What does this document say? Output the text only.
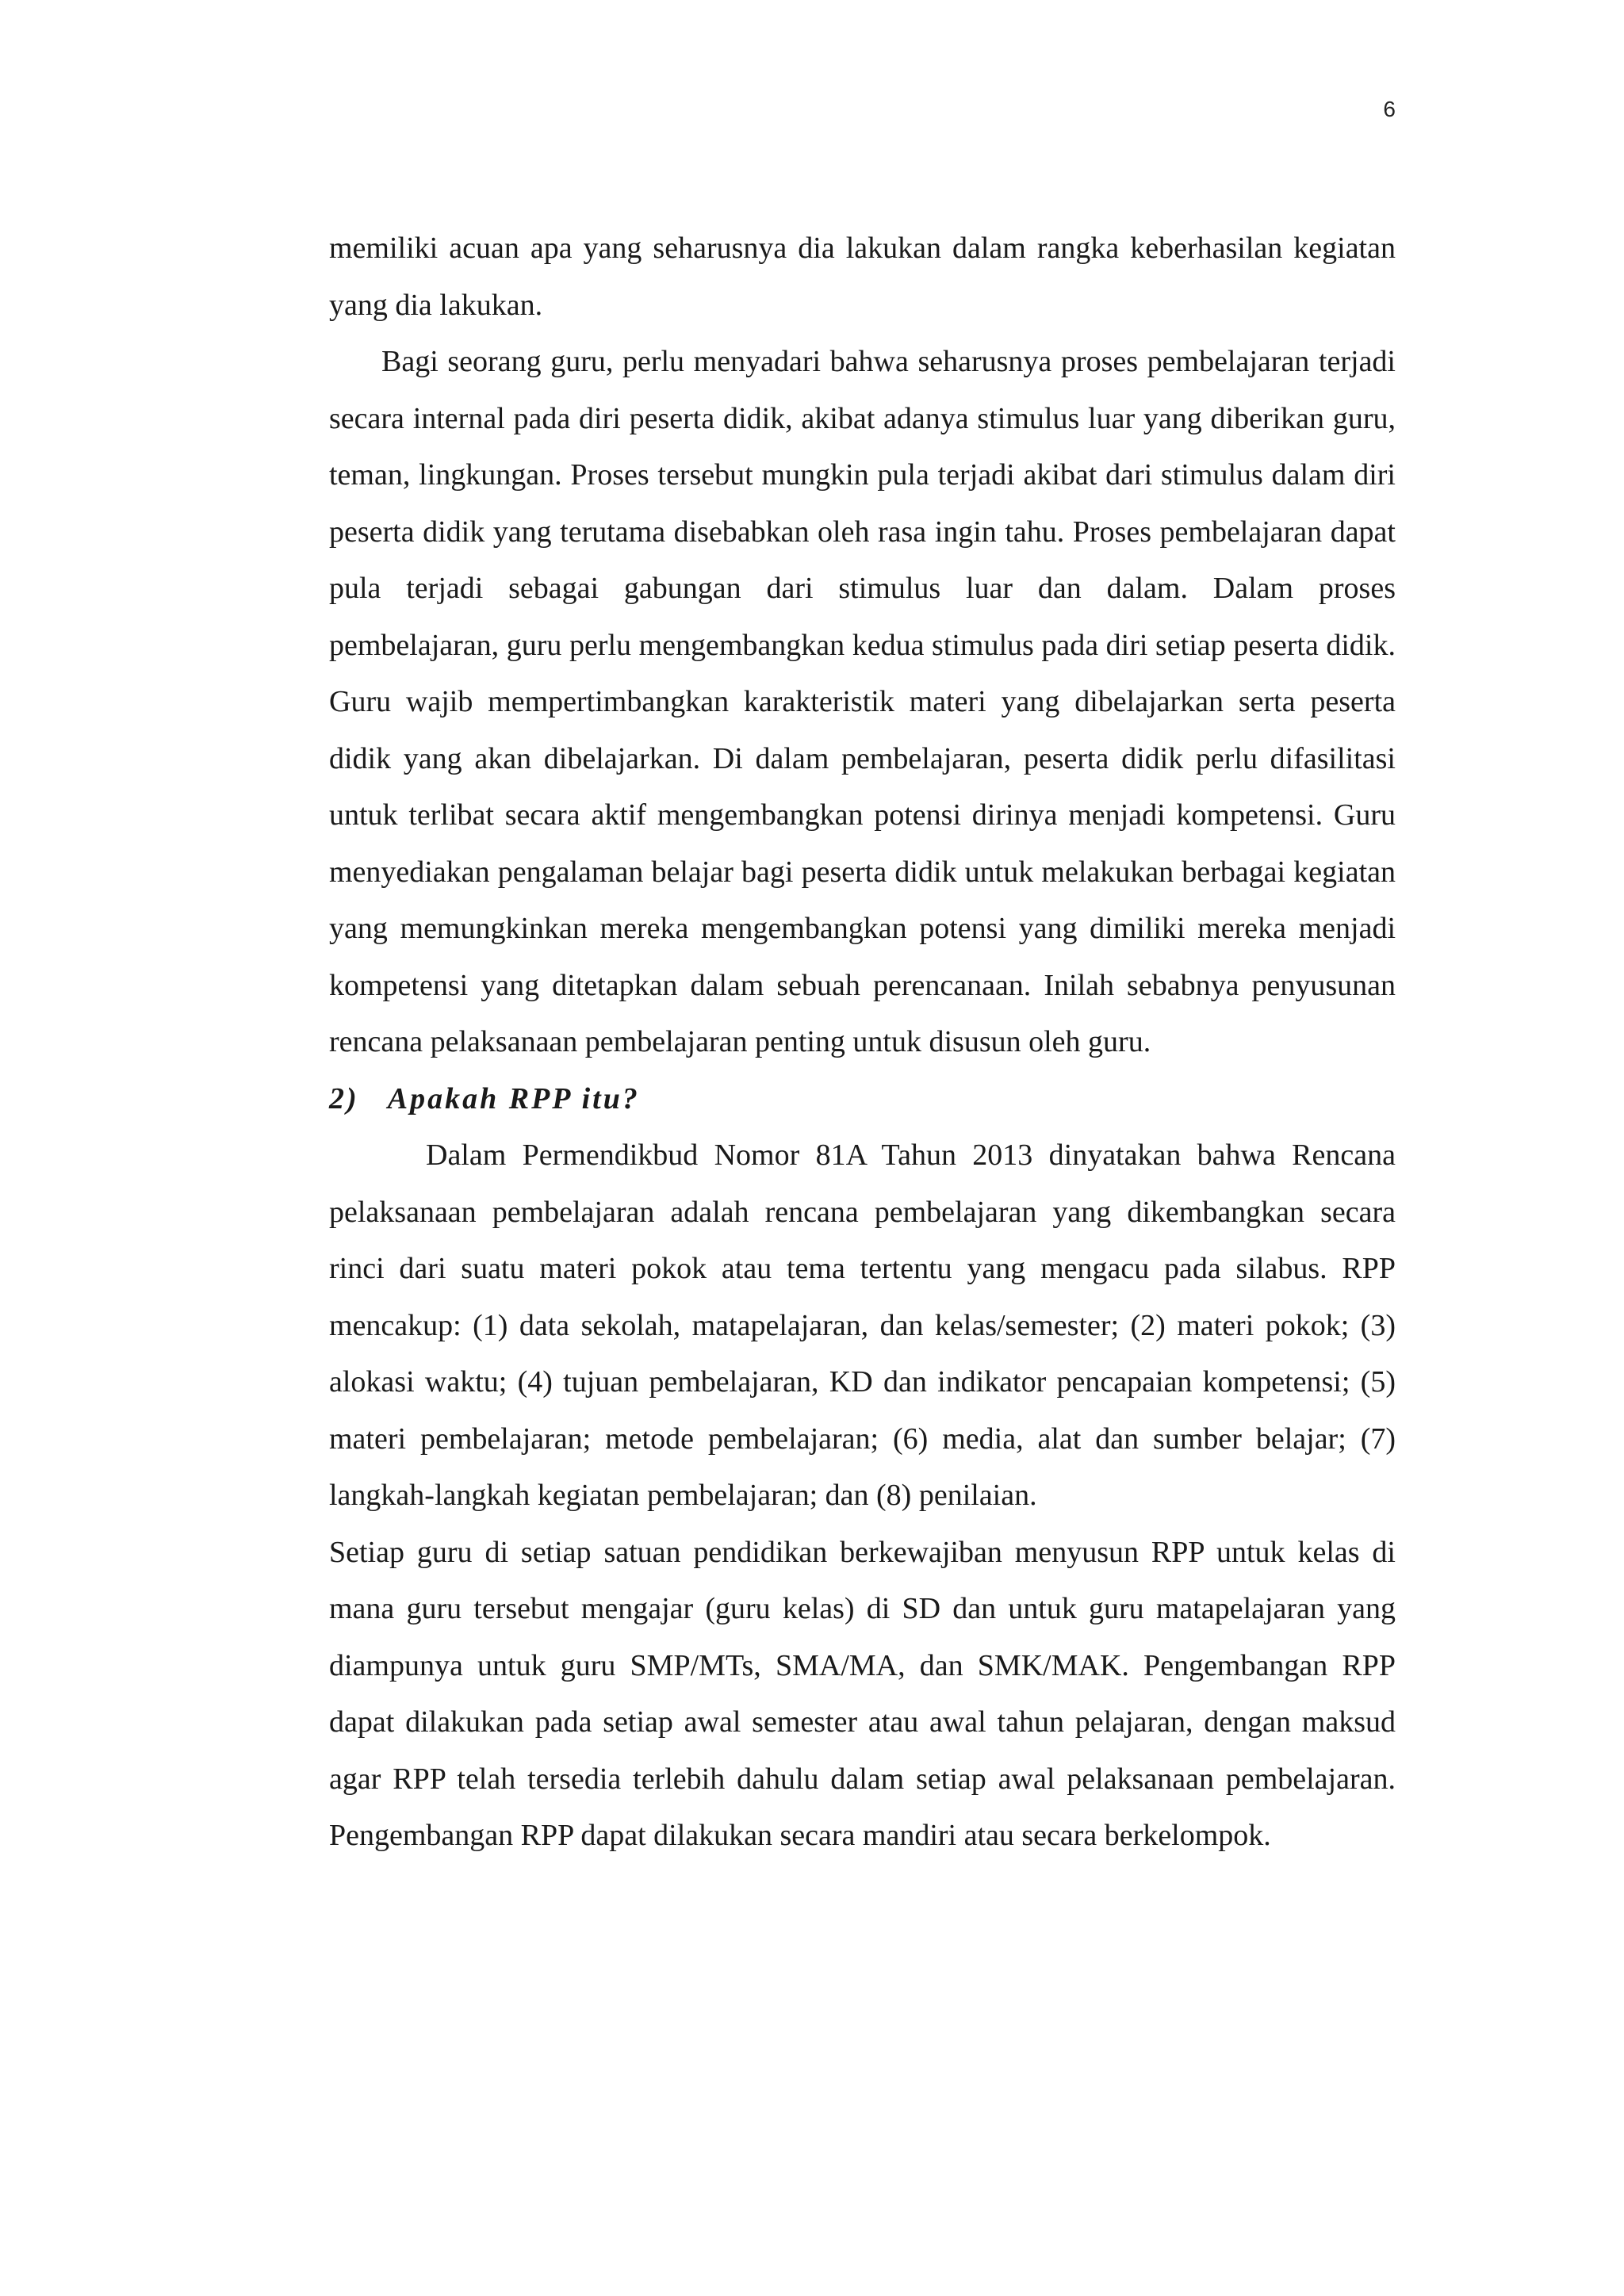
6

memiliki acuan apa yang seharusnya dia lakukan dalam rangka keberhasilan kegiatan yang dia lakukan.

Bagi seorang guru, perlu menyadari bahwa seharusnya proses pembelajaran terjadi secara internal pada diri peserta didik, akibat adanya stimulus luar yang diberikan guru, teman, lingkungan. Proses tersebut mungkin pula terjadi akibat dari stimulus dalam diri peserta didik yang terutama disebabkan oleh rasa ingin tahu. Proses pembelajaran dapat pula terjadi sebagai gabungan dari stimulus luar dan dalam. Dalam proses pembelajaran, guru perlu mengembangkan kedua stimulus pada diri setiap peserta didik. Guru wajib mempertimbangkan karakteristik materi yang dibelajarkan serta peserta didik yang akan dibelajarkan. Di dalam pembelajaran, peserta didik perlu difasilitasi untuk terlibat secara aktif mengembangkan potensi dirinya menjadi kompetensi. Guru menyediakan pengalaman belajar bagi peserta didik untuk melakukan berbagai kegiatan yang memungkinkan mereka mengembangkan potensi yang dimiliki mereka menjadi kompetensi yang ditetapkan dalam sebuah perencanaan. Inilah sebabnya penyusunan rencana pelaksanaan pembelajaran penting untuk disusun oleh guru.

2)   Apakah RPP itu?

Dalam Permendikbud Nomor 81A Tahun 2013 dinyatakan bahwa Rencana pelaksanaan pembelajaran adalah rencana pembelajaran yang dikembangkan secara rinci dari suatu materi pokok atau tema tertentu yang mengacu pada silabus. RPP mencakup: (1) data sekolah, matapelajaran, dan kelas/semester; (2) materi pokok; (3) alokasi waktu; (4) tujuan pembelajaran, KD dan indikator pencapaian kompetensi; (5) materi pembelajaran; metode pembelajaran; (6) media, alat dan sumber belajar; (7) langkah-langkah kegiatan pembelajaran; dan (8) penilaian.

Setiap guru di setiap satuan pendidikan berkewajiban menyusun RPP untuk kelas di mana guru tersebut mengajar (guru kelas) di SD dan untuk guru matapelajaran yang diampunya untuk guru SMP/MTs, SMA/MA, dan SMK/MAK. Pengembangan RPP dapat dilakukan pada setiap awal semester atau awal tahun pelajaran, dengan maksud agar RPP telah tersedia terlebih dahulu dalam setiap awal pelaksanaan pembelajaran. Pengembangan RPP dapat dilakukan secara mandiri atau secara berkelompok.
